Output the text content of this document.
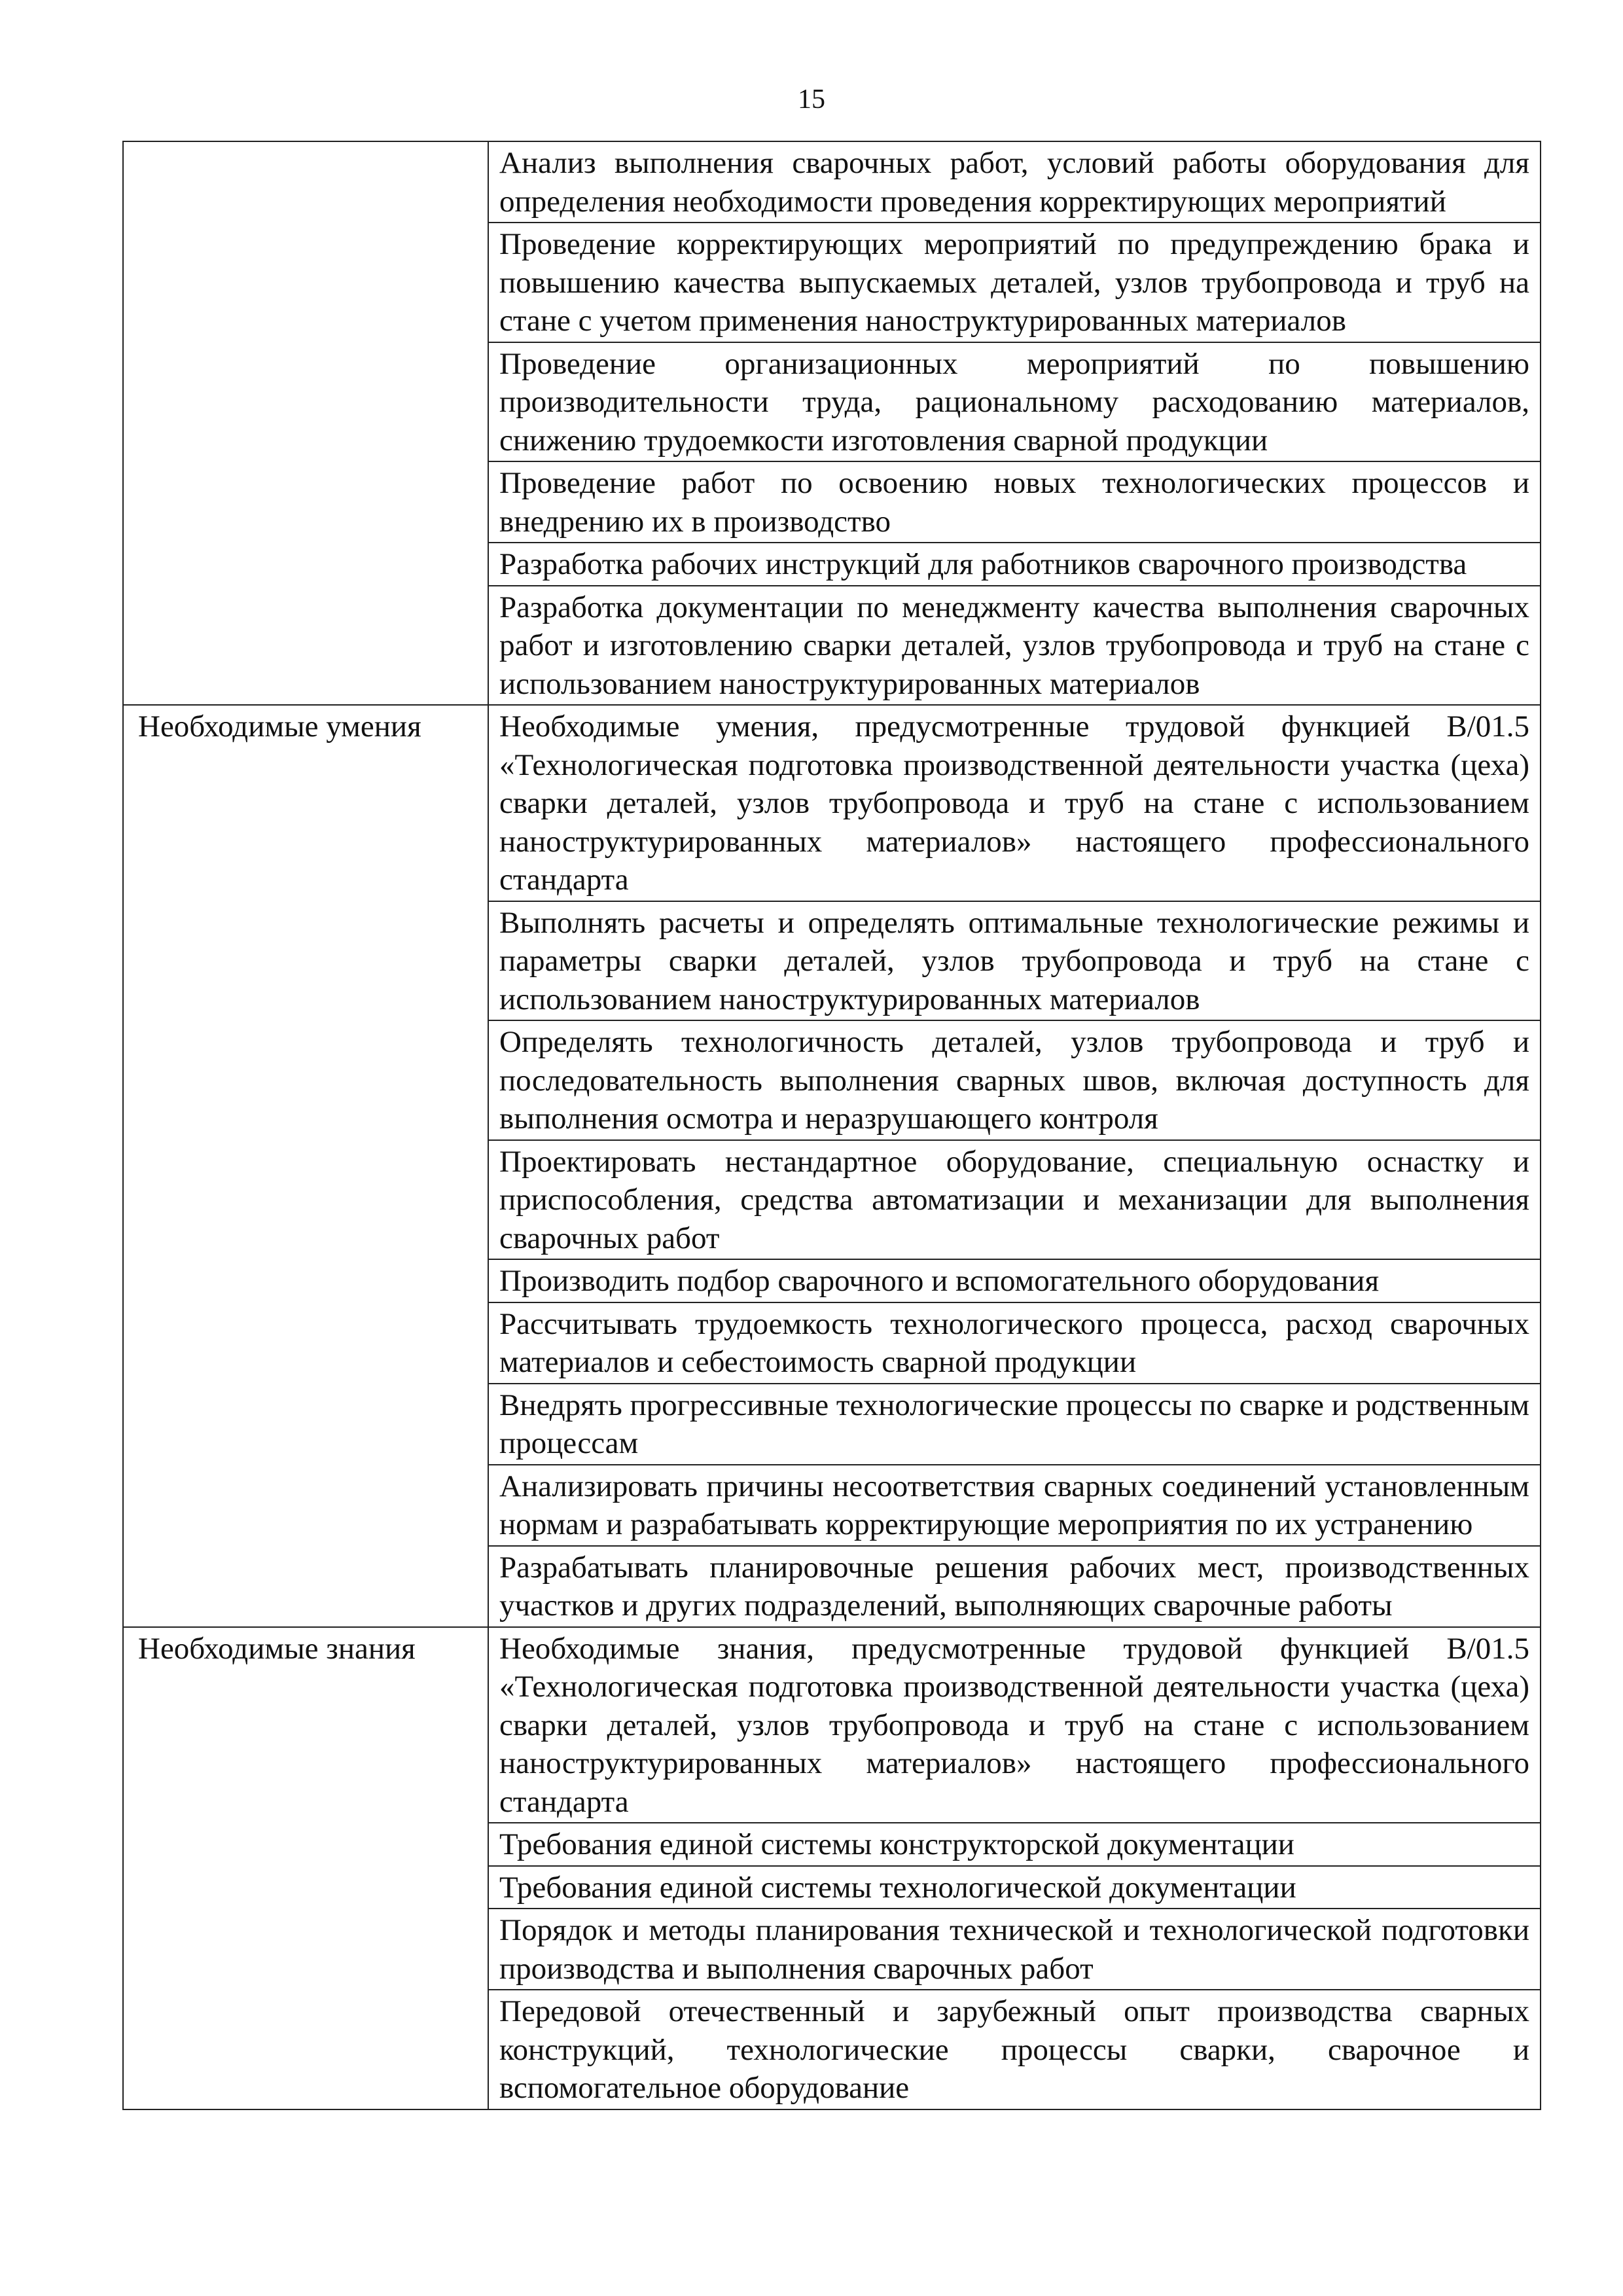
15
	Анализ выполнения сварочных работ, условий работы оборудования для определения необходимости проведения корректирующих мероприятий
	Проведение корректирующих мероприятий по предупреждению брака и повышению качества выпускаемых деталей, узлов трубопровода и труб на стане с учетом применения наноструктурированных материалов
	Проведение организационных мероприятий по повышению производительности труда, рациональному расходованию материалов, снижению трудоемкости изготовления сварной продукции
	Проведение работ по освоению новых технологических процессов и внедрению их в производство
	Разработка рабочих инструкций для работников сварочного производства
	Разработка документации по менеджменту качества выполнения сварочных работ и изготовлению сварки деталей, узлов трубопровода и труб на стане с использованием наноструктурированных материалов
Необходимые умения	Необходимые умения, предусмотренные трудовой функцией В/01.5 «Технологическая подготовка производственной деятельности участка (цеха) сварки деталей, узлов трубопровода и труб на стане с использованием наноструктурированных материалов» настоящего профессионального стандарта
	Выполнять расчеты и определять оптимальные технологические режимы и параметры сварки деталей, узлов трубопровода и труб на стане с использованием наноструктурированных материалов
	Определять технологичность деталей, узлов трубопровода и труб и последовательность выполнения сварных швов, включая доступность для выполнения осмотра и неразрушающего контроля
	Проектировать нестандартное оборудование, специальную оснастку и приспособления, средства автоматизации и механизации для выполнения сварочных работ
	Производить подбор сварочного и вспомогательного оборудования
	Рассчитывать трудоемкость технологического процесса, расход сварочных материалов и себестоимость сварной продукции
	Внедрять прогрессивные технологические процессы по сварке и родственным процессам
	Анализировать причины несоответствия сварных соединений установленным нормам и разрабатывать корректирующие мероприятия по их устранению
	Разрабатывать планировочные решения рабочих мест, производственных участков и других подразделений, выполняющих сварочные работы
Необходимые знания	Необходимые знания, предусмотренные трудовой функцией В/01.5 «Технологическая подготовка производственной деятельности участка (цеха) сварки деталей, узлов трубопровода и труб на стане с использованием наноструктурированных материалов» настоящего профессионального стандарта
	Требования единой системы конструкторской документации
	Требования единой системы технологической документации
	Порядок и методы планирования технической и технологической подготовки производства и выполнения сварочных работ
	Передовой отечественный и зарубежный опыт производства сварных конструкций, технологические процессы сварки, сварочное и вспомогательное оборудование
